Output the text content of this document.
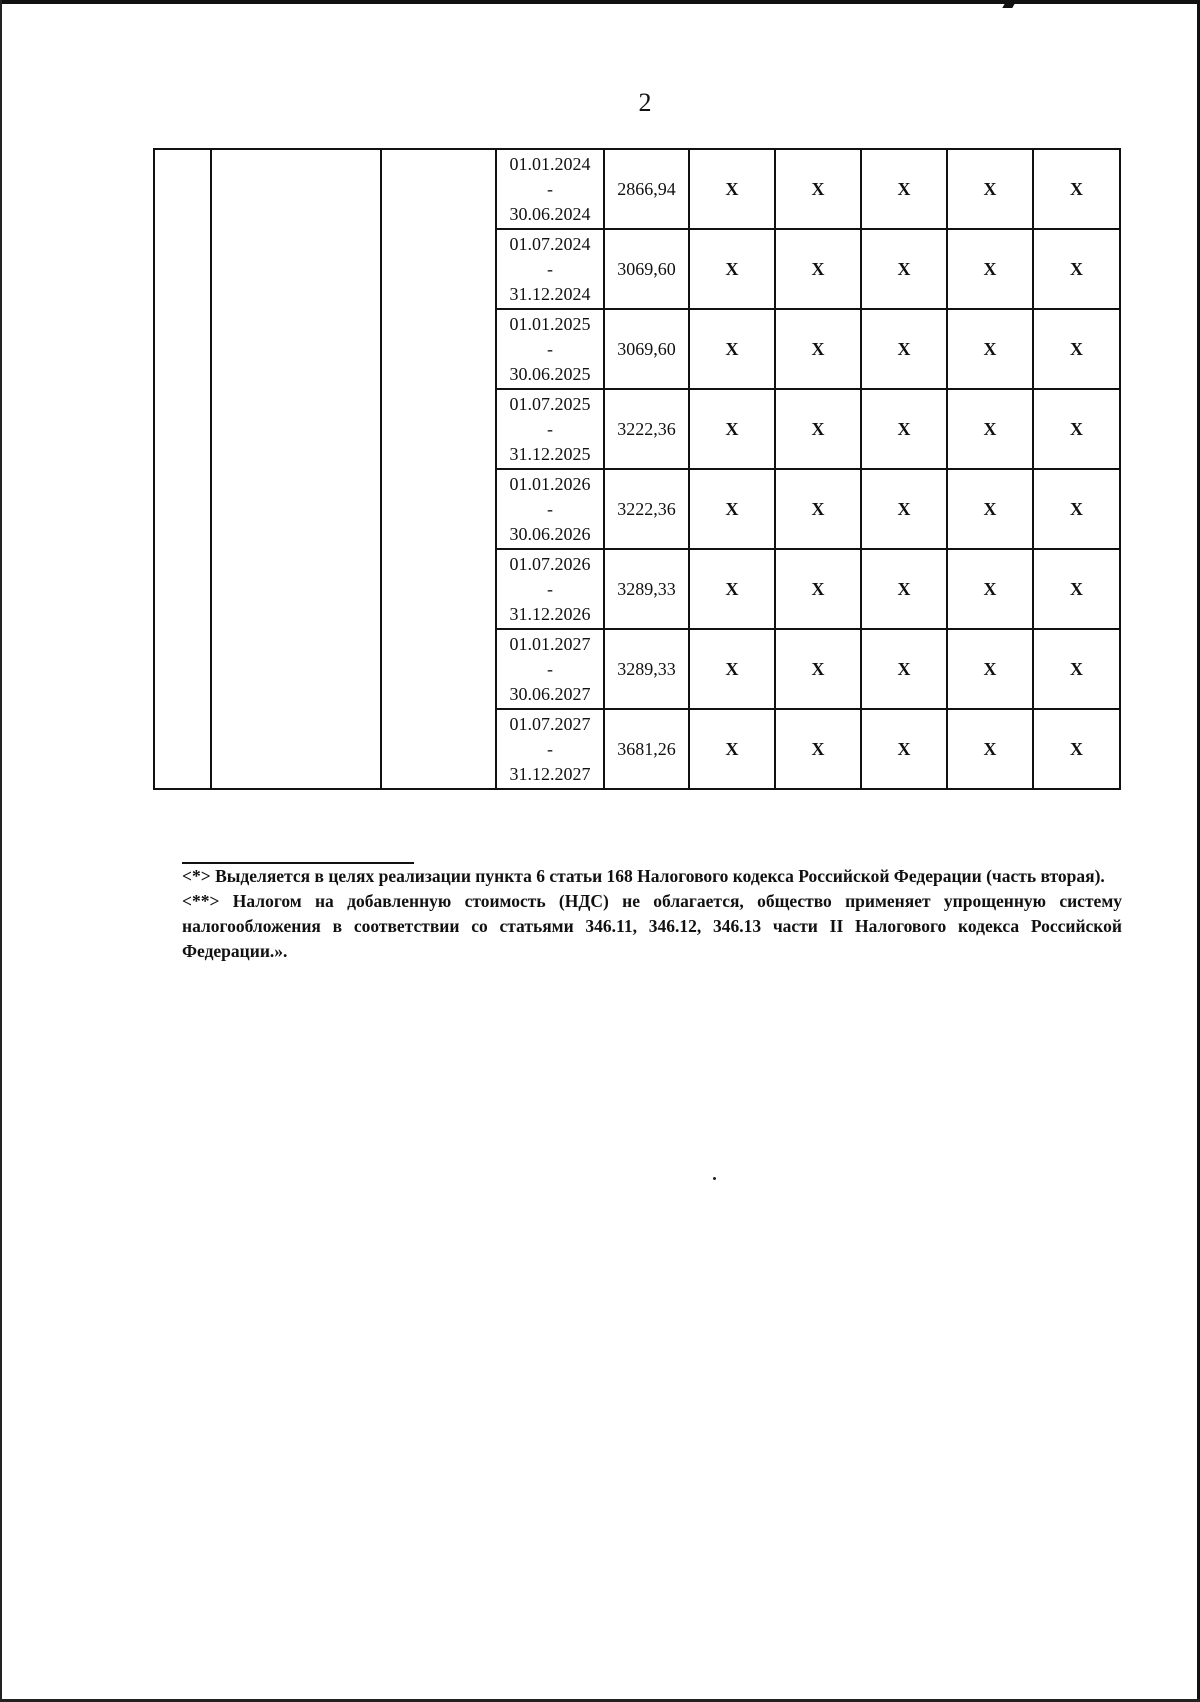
2

			01.01.2024
-
30.06.2024	2866,94	X	X	X	X	X

			01.07.2024
-
31.12.2024	3069,60	X	X	X	X	X

			01.01.2025
-
30.06.2025	3069,60	X	X	X	X	X

			01.07.2025
-
31.12.2025	3222,36	X	X	X	X	X

			01.01.2026
-
30.06.2026	3222,36	X	X	X	X	X

			01.07.2026
-
31.12.2026	3289,33	X	X	X	X	X

			01.01.2027
-
30.06.2027	3289,33	X	X	X	X	X

			01.07.2027
-
31.12.2027	3681,26	X	X	X	X	X

<*> Выделяется в целях реализации пункта 6 статьи 168 Налогового кодекса Российской Федерации (часть вторая).

<**> Налогом на добавленную стоимость (НДС) не облагается, общество применяет упрощенную систему налогообложения в соответствии со статьями 346.11, 346.12, 346.13 части II Налогового кодекса Российской Федерации.».
